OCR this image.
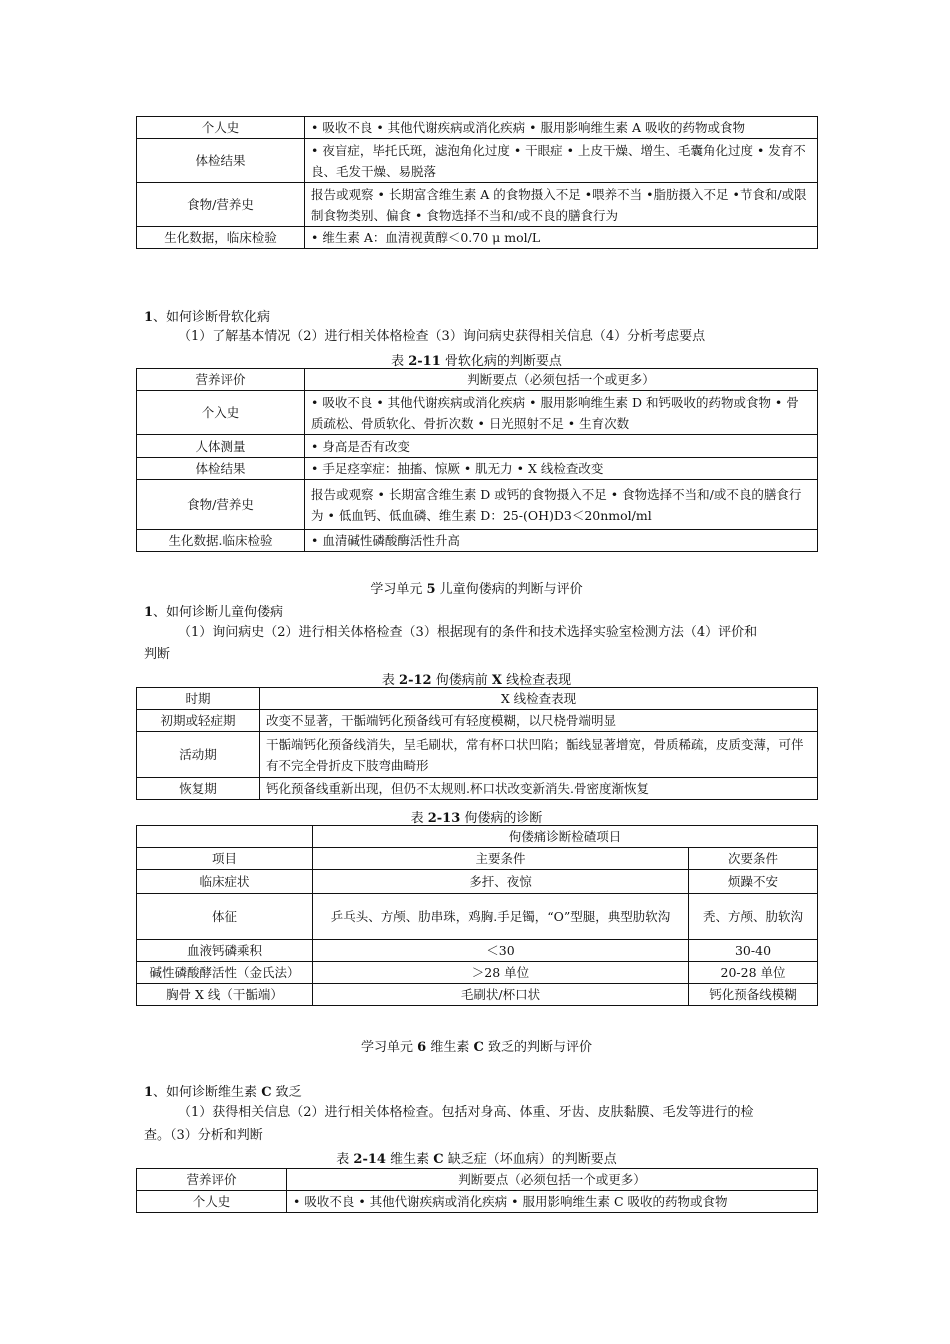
个人史	• 吸收不良 • 其他代谢疾病或消化疾病 • 服用影响维生素 A 吸收的药物或食物
体检结果	• 夜盲症，毕托氏斑，滤泡角化过度 • 干眼症 • 上皮干燥、增生、毛囊角化过度 • 发育不良、毛发干燥、易脱落
食物/营养史	报告或观察 • 长期富含维生素 A 的食物摄入不足 •喂养不当 •脂肪摄入不足 •节食和/或限制食物类别、偏食 • 食物选择不当和/或不良的膳食行为
生化数据，临床检验	• 维生素 A：血清视黄醇＜0.70 μ mol/L
1、如何诊断骨软化病
（1）了解基本情况（2）进行相关体格检查（3）询问病史获得相关信息（4）分析考虑要点
表 2-11 骨软化病的判断要点
营养评价	判断要点（必须包括一个或更多）
个入史	• 吸收不良 • 其他代谢疾病或消化疾病 • 服用影响维生素 D 和钙吸收的药物或食物 • 骨质疏松、骨质软化、骨折次数 • 日光照射不足 • 生育次数
人体测量	• 身高是否有改变
体检结果	• 手足痉挛症：抽搐、惊厥 • 肌无力 • X 线检查改变
食物/营养史	报告或观察 • 长期富含维生素 D 或钙的食物摄入不足 • 食物选择不当和/或不良的膳食行为 • 低血钙、低血磷、维生素 D：25-(OH)D3＜20nmol/ml
生化数据.临床检验	• 血清碱性磷酸酶活性升高
学习单元 5 儿童佝偻病的判断与评价
1、如何诊断儿童佝偻病
（1）询问病史（2）进行相关体格检查（3）根据现有的条件和技术选择实验室检测方法（4）评价和
判断
表 2-12 佝偻病前 X 线检查表现
时期	X 线检查表现
初期或轻症期	改变不显著，干骺端钙化预备线可有轻度模糊，以尺桡骨端明显
活动期	干骺端钙化预备线消失，呈毛刷状，常有杯口状凹陷；骺线显著增宽，骨质稀疏，皮质变薄，可伴有不完全骨折皮下肢弯曲畸形
恢复期	钙化预备线重新出现，但仍不太规则.杯口状改变新消失.骨密度渐恢复
表 2-13 佝偻病的诊断
	佝偻痛诊断检碴项日	
项目	主要条件	次要条件
临床症状	多扞、夜惊	烦躁不安
体征	乒乓头、方颅、肋串珠，鸡胸.手足镯，“O”型腿，典型肋软沟	秃、方颅、肋软沟
血液钙磷乘积	＜30	30-40
碱性磷酸酵活性（金氏法）	＞28 单位	20-28 单位
胸骨 X 线（干骺端）	毛刷状/杯口状	钙化预备线模糊
学习单元 6 维生素 C 致乏的判断与评价
1、如何诊断维生素 C 致乏
（1）获得相关信息（2）进行相关体格检查。包括对身高、体重、牙齿、皮肤黏膜、毛发等进行的检
查。（3）分析和判断
表 2-14 维生素 C 缺乏症（坏血病）的判断要点
营养评价	判断要点（必须包括一个或更多）
个人史	• 吸收不良 • 其他代谢疾病或消化疾病 • 服用影响维生素 C 吸收的药物或食物
